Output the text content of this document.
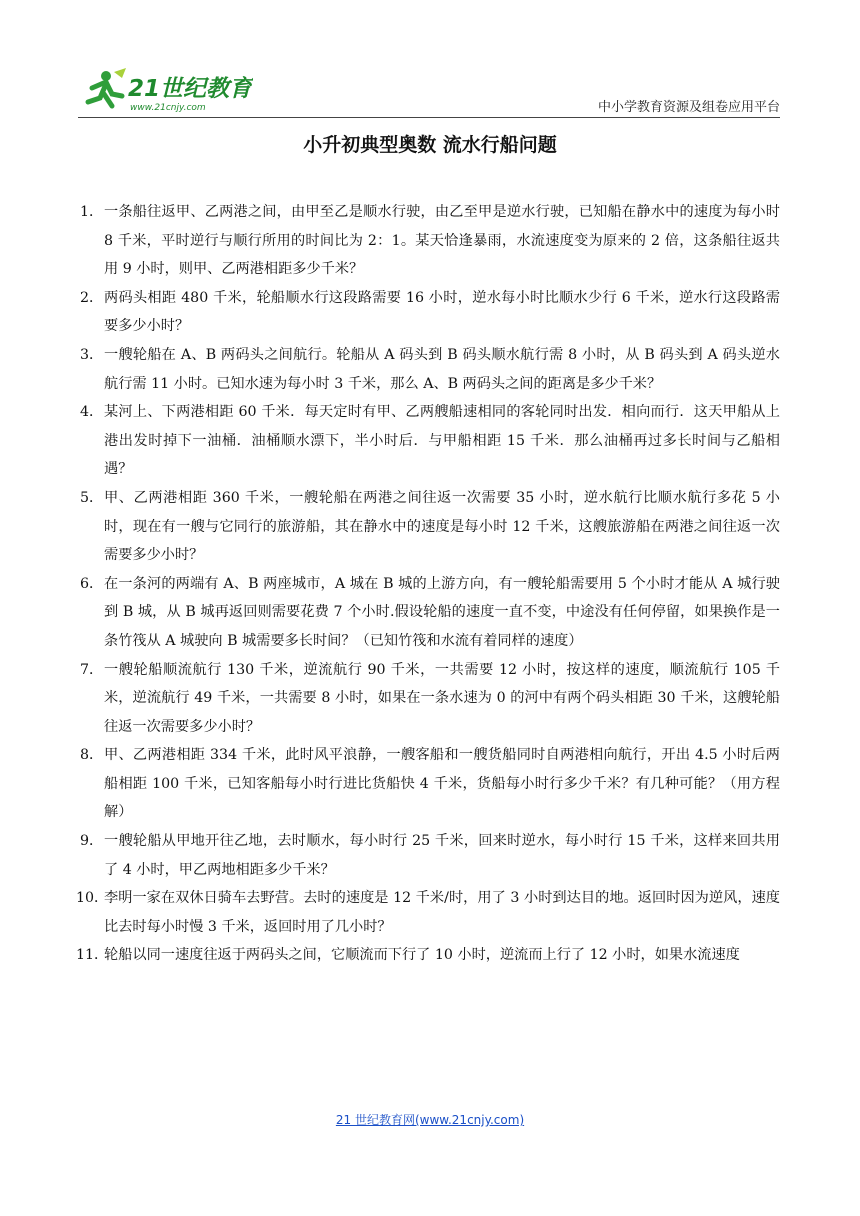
21世纪教育
www.21cnjy.com	中小学教育资源及组卷应用平台
小升初典型奥数 流水行船问题
1． 一条船往返甲、乙两港之间，由甲至乙是顺水行驶，由乙至甲是逆水行驶，已知船在静水中的速度为每小时 8 千米，平时逆行与顺行所用的时间比为 2：1。某天恰逢暴雨，水流速度变为原来的 2 倍，这条船往返共用 9 小时，则甲、乙两港相距多少千米？
2． 两码头相距 480 千米，轮船顺水行这段路需要 16 小时，逆水每小时比顺水少行 6 千米，逆水行这段路需要多少小时？
3． 一艘轮船在 A、B 两码头之间航行。轮船从 A 码头到 B 码头顺水航行需 8 小时，从 B 码头到 A 码头逆水航行需 11 小时。已知水速为每小时 3 千米，那么 A、B 两码头之间的距离是多少千米？
4． 某河上、下两港相距 60 千米．每天定时有甲、乙两艘船速相同的客轮同时出发．相向而行．这天甲船从上港出发时掉下一油桶．油桶顺水漂下，半小时后．与甲船相距 15 千米．那么油桶再过多长时间与乙船相遇？
5． 甲、乙两港相距 360 千米，一艘轮船在两港之间往返一次需要 35 小时，逆水航行比顺水航行多花 5 小时，现在有一艘与它同行的旅游船，其在静水中的速度是每小时 12 千米，这艘旅游船在两港之间往返一次需要多少小时？
6． 在一条河的两端有 A、B 两座城市，A 城在 B 城的上游方向，有一艘轮船需要用 5 个小时才能从 A 城行驶到 B 城，从 B 城再返回则需要花费 7 个小时.假设轮船的速度一直不变，中途没有任何停留，如果换作是一条竹筏从 A 城驶向 B 城需要多长时间？（已知竹筏和水流有着同样的速度）
7． 一艘轮船顺流航行 130 千米，逆流航行 90 千米，一共需要 12 小时，按这样的速度，顺流航行 105 千米，逆流航行 49 千米，一共需要 8 小时，如果在一条水速为 0 的河中有两个码头相距 30 千米，这艘轮船往返一次需要多少小时？
8． 甲、乙两港相距 334 千米，此时风平浪静，一艘客船和一艘货船同时自两港相向航行，开出 4.5 小时后两船相距 100 千米，已知客船每小时行进比货船快 4 千米，货船每小时行多少千米？有几种可能？（用方程解）
9． 一艘轮船从甲地开往乙地，去时顺水，每小时行 25 千米，回来时逆水，每小时行 15 千米，这样来回共用了 4 小时，甲乙两地相距多少千米？
10．
李明一家在双休日骑车去野营。去时的速度是 12 千米/时，用了 3 小时到达目的地。返回时因为逆风，速度比去时每小时慢 3 千米，返回时用了几小时？
11．
轮船以同一速度往返于两码头之间，它顺流而下行了 10 小时，逆流而上行了 12 小时，如果水流速度
21 世纪教育网(www.21cnjy.com)
